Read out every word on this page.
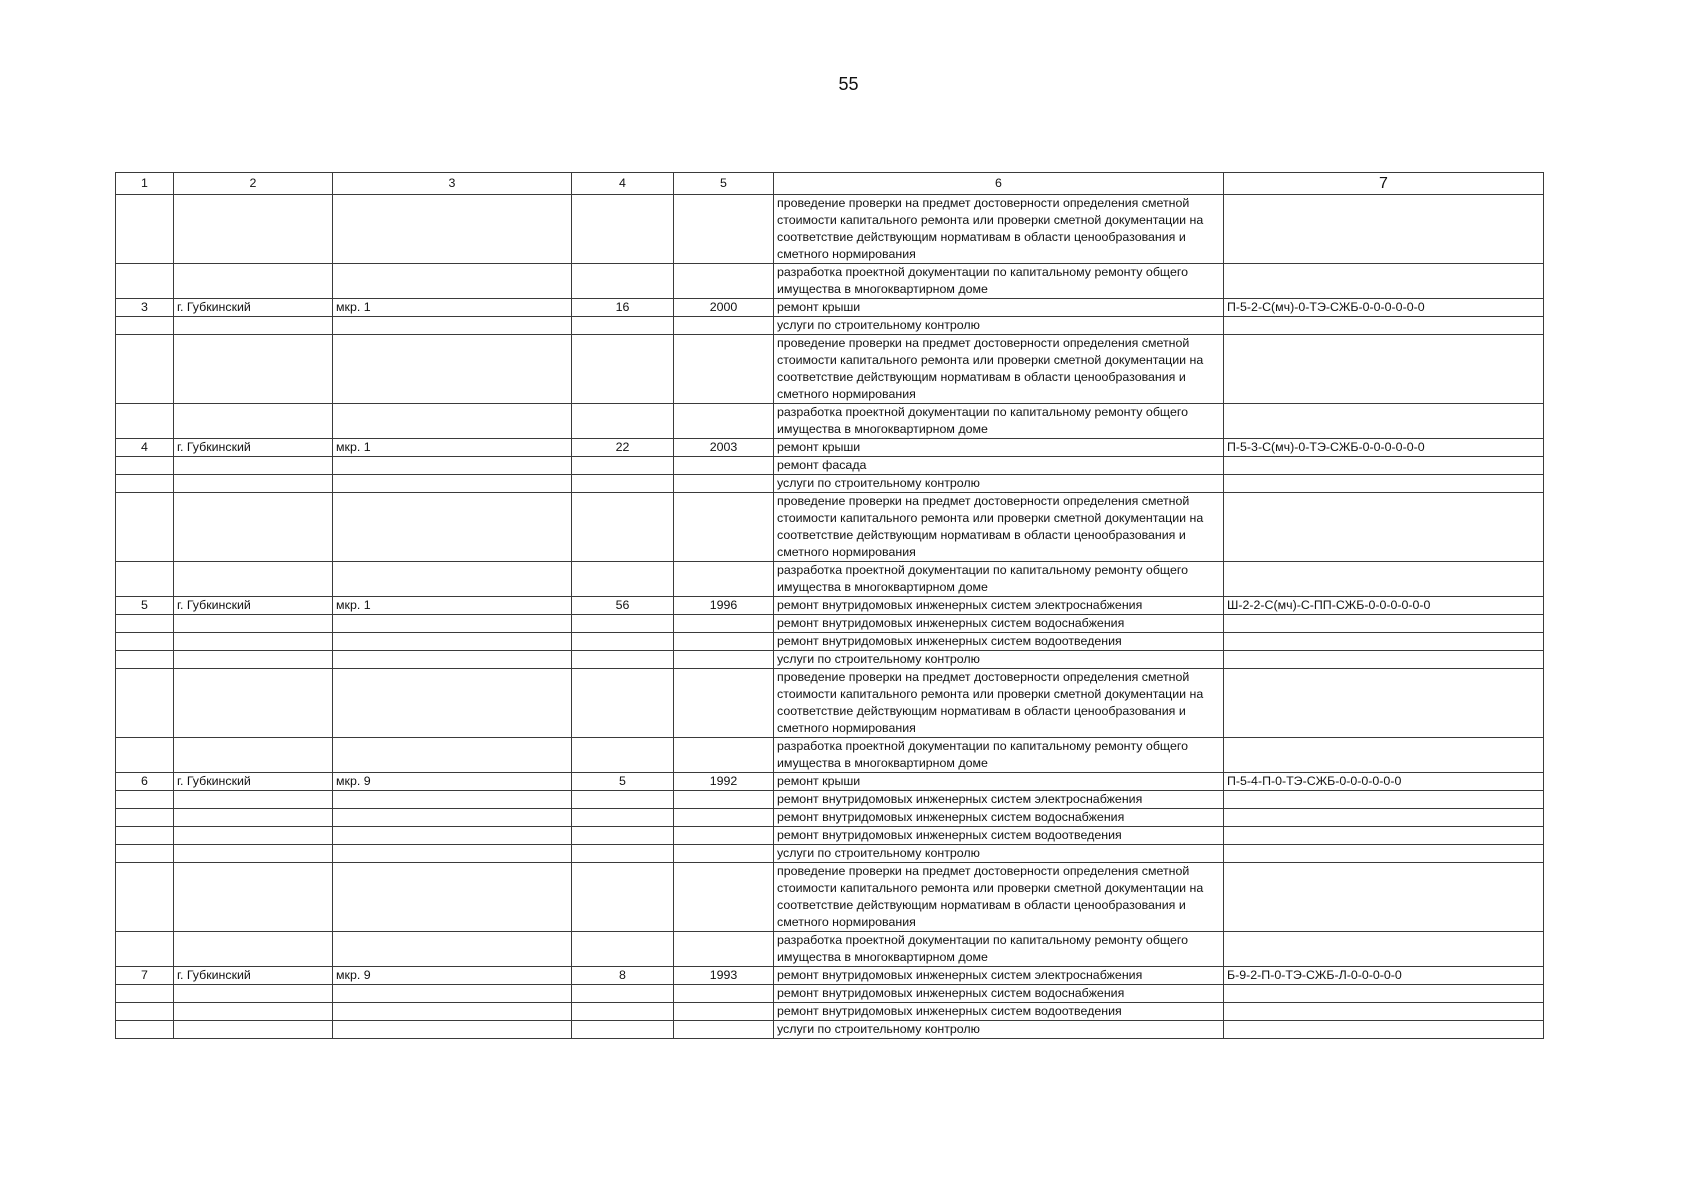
55
1	2	3	4	5	6	7
					проведение проверки на предмет достоверности определения сметной стоимости капитального ремонта или проверки сметной документации на соответствие действующим нормативам в области ценообразования и сметного нормирования	
					разработка проектной документации по капитальному ремонту общего имущества в многоквартирном доме	
3	г. Губкинский	мкр. 1	16	2000	ремонт крыши	П-5-2-С(мч)-0-ТЭ-СЖБ-0-0-0-0-0-0
					услуги по строительному контролю	
					проведение проверки на предмет достоверности определения сметной стоимости капитального ремонта или проверки сметной документации на соответствие действующим нормативам в области ценообразования и сметного нормирования	
					разработка проектной документации по капитальному ремонту общего имущества в многоквартирном доме	
4	г. Губкинский	мкр. 1	22	2003	ремонт крыши	П-5-3-С(мч)-0-ТЭ-СЖБ-0-0-0-0-0-0
					ремонт фасада	
					услуги по строительному контролю	
					проведение проверки на предмет достоверности определения сметной стоимости капитального ремонта или проверки сметной документации на соответствие действующим нормативам в области ценообразования и сметного нормирования	
					разработка проектной документации по капитальному ремонту общего имущества в многоквартирном доме	
5	г. Губкинский	мкр. 1	56	1996	ремонт внутридомовых инженерных систем электроснабжения	Ш-2-2-С(мч)-С-ПП-СЖБ-0-0-0-0-0-0
					ремонт внутридомовых инженерных систем водоснабжения	
					ремонт внутридомовых инженерных систем водоотведения	
					услуги по строительному контролю	
					проведение проверки на предмет достоверности определения сметной стоимости капитального ремонта или проверки сметной документации на соответствие действующим нормативам в области ценообразования и сметного нормирования	
					разработка проектной документации по капитальному ремонту общего имущества в многоквартирном доме	
6	г. Губкинский	мкр. 9	5	1992	ремонт крыши	П-5-4-П-0-ТЭ-СЖБ-0-0-0-0-0-0
					ремонт внутридомовых инженерных систем электроснабжения	
					ремонт внутридомовых инженерных систем водоснабжения	
					ремонт внутридомовых инженерных систем водоотведения	
					услуги по строительному контролю	
					проведение проверки на предмет достоверности определения сметной стоимости капитального ремонта или проверки сметной документации на соответствие действующим нормативам в области ценообразования и сметного нормирования	
					разработка проектной документации по капитальному ремонту общего имущества в многоквартирном доме	
7	г. Губкинский	мкр. 9	8	1993	ремонт внутридомовых инженерных систем электроснабжения	Б-9-2-П-0-ТЭ-СЖБ-Л-0-0-0-0-0
					ремонт внутридомовых инженерных систем водоснабжения	
					ремонт внутридомовых инженерных систем водоотведения	
					услуги по строительному контролю	
